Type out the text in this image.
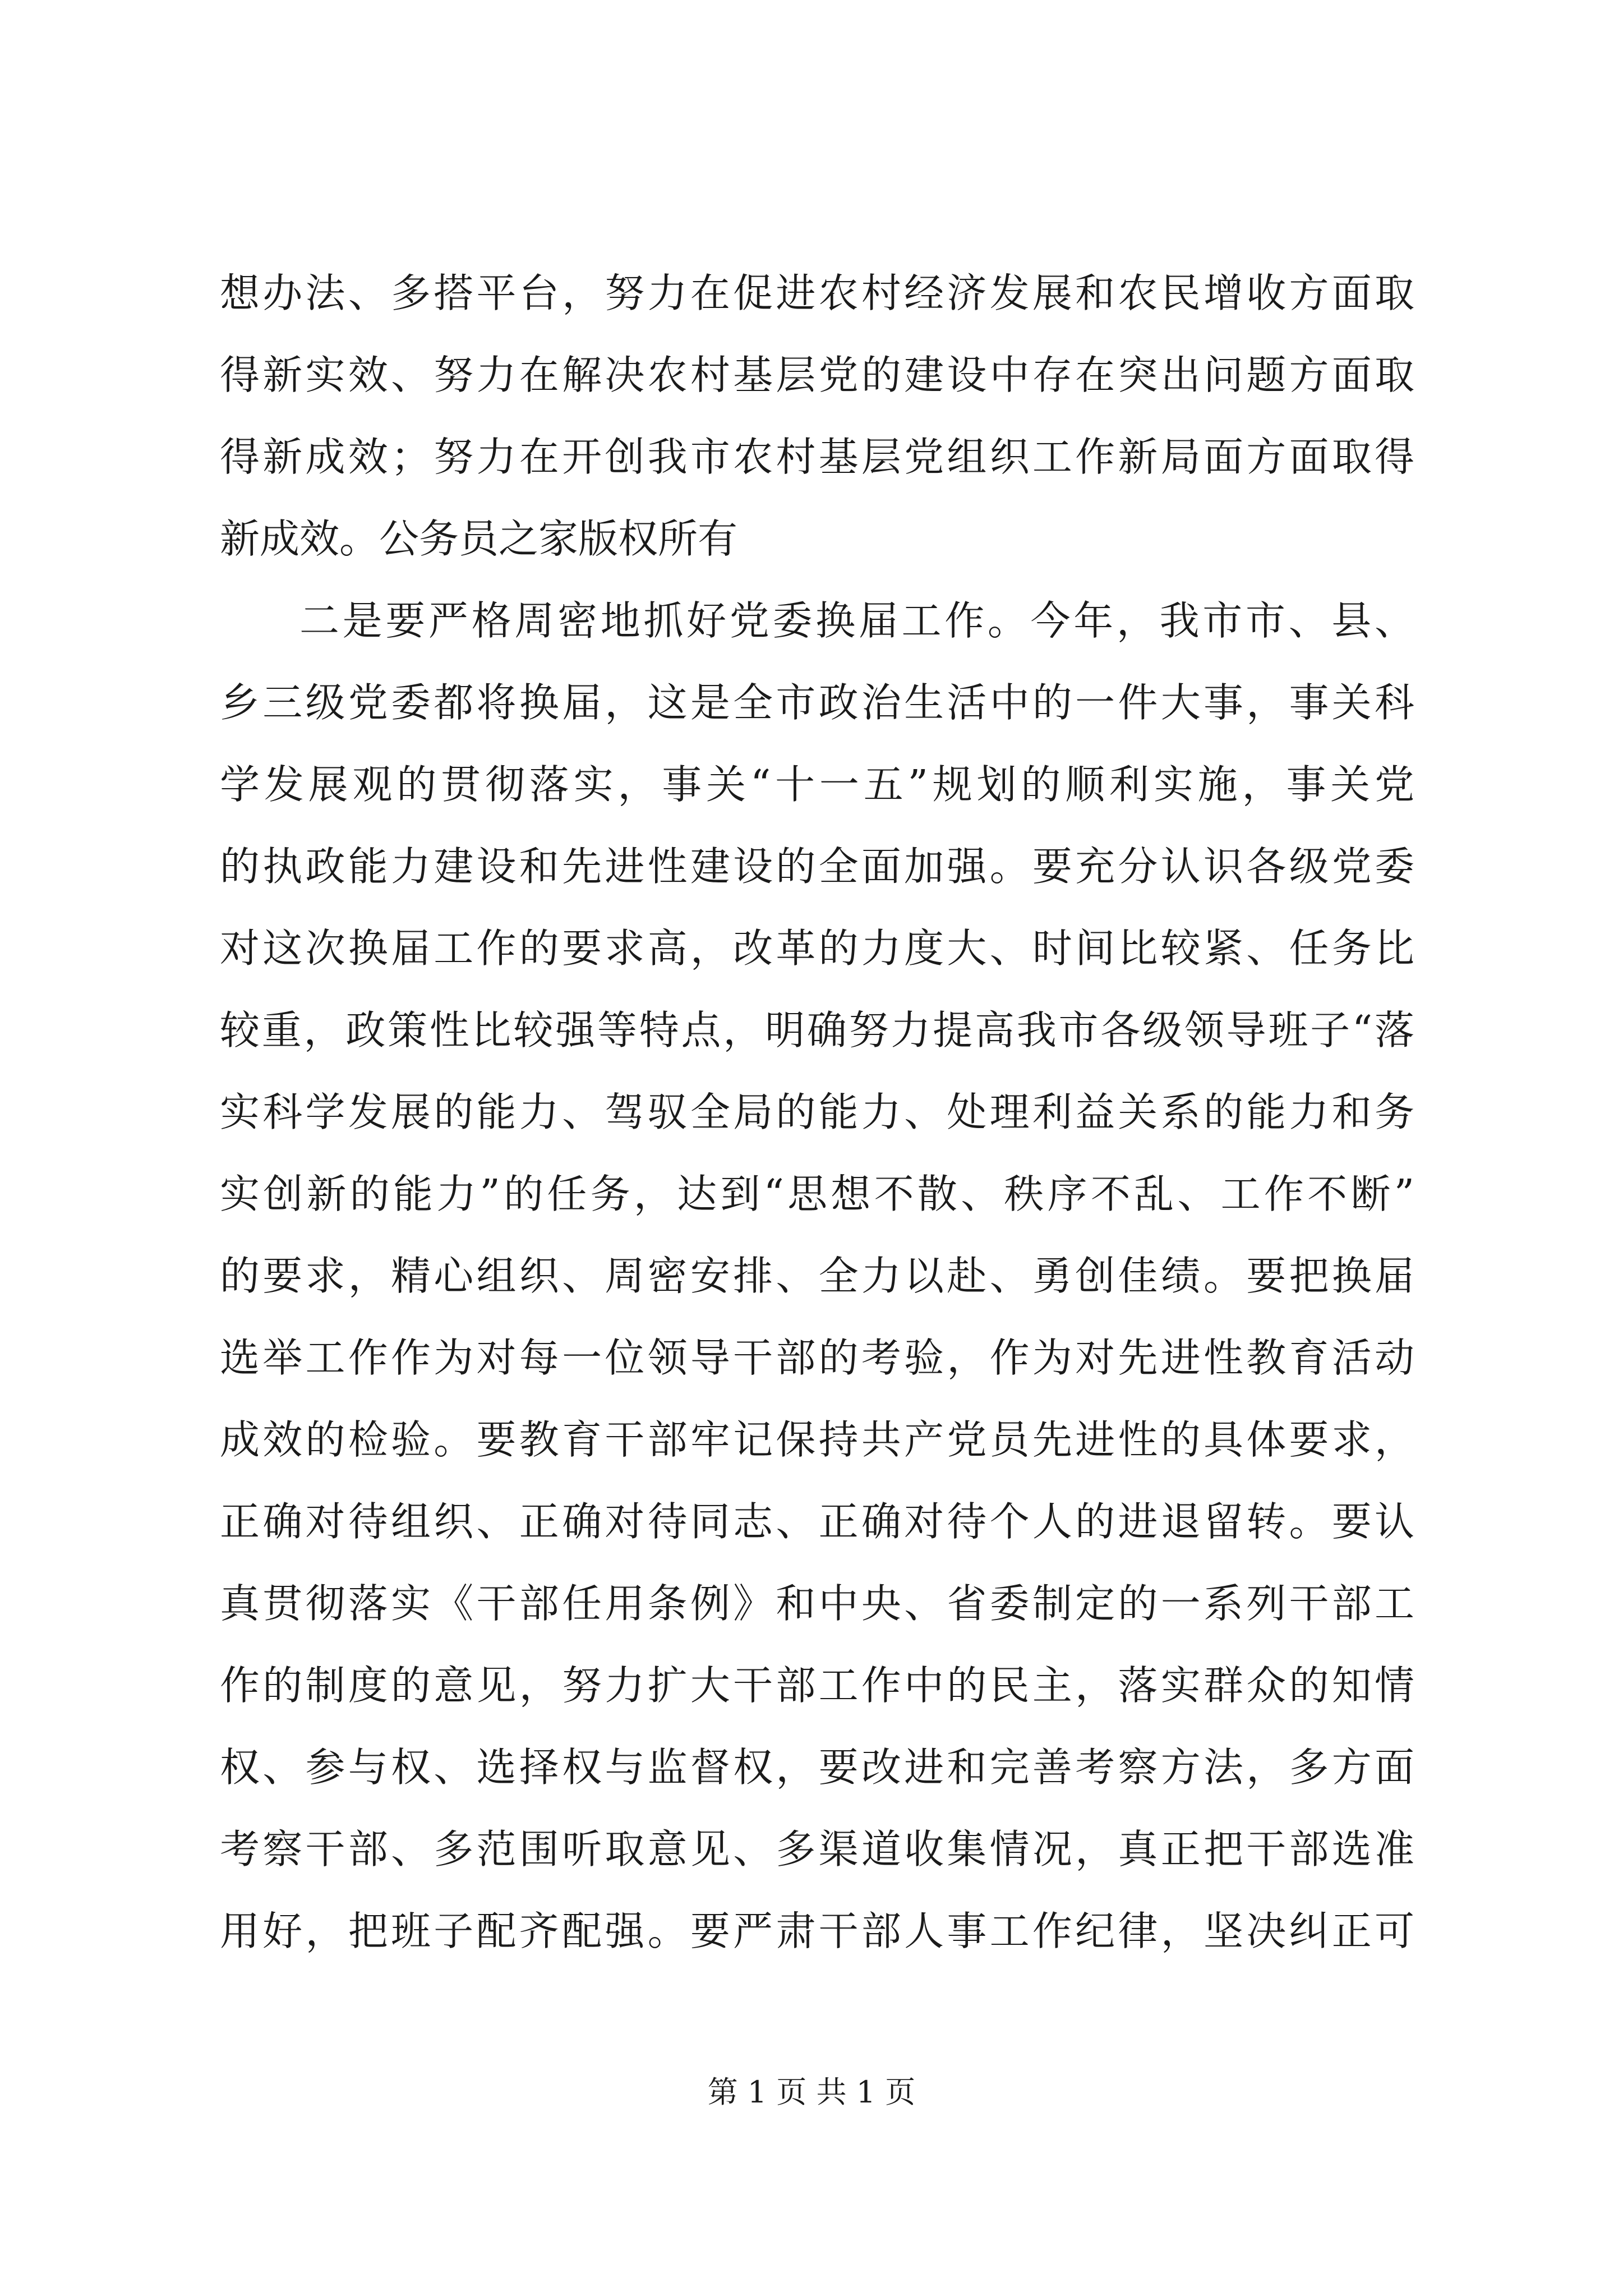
想办法、多搭平台，努力在促进农村经济发展和农民增收方面取
得新实效、努力在解决农村基层党的建设中存在突出问题方面取
得新成效；努力在开创我市农村基层党组织工作新局面方面取得
新成效。公务员之家版权所有
二是要严格周密地抓好党委换届工作。今年，我市市、县、
乡三级党委都将换届，这是全市政治生活中的一件大事，事关科
学发展观的贯彻落实，事关“十一五”规划的顺利实施，事关党
的执政能力建设和先进性建设的全面加强。要充分认识各级党委
对这次换届工作的要求高，改革的力度大、时间比较紧、任务比
较重，政策性比较强等特点，明确努力提高我市各级领导班子“落
实科学发展的能力、驾驭全局的能力、处理利益关系的能力和务
实创新的能力”的任务，达到“思想不散、秩序不乱、工作不断”
的要求，精心组织、周密安排、全力以赴、勇创佳绩。要把换届
选举工作作为对每一位领导干部的考验，作为对先进性教育活动
成效的检验。要教育干部牢记保持共产党员先进性的具体要求，
正确对待组织、正确对待同志、正确对待个人的进退留转。要认
真贯彻落实《干部任用条例》和中央、省委制定的一系列干部工
作的制度的意见，努力扩大干部工作中的民主，落实群众的知情
权、参与权、选择权与监督权，要改进和完善考察方法，多方面
考察干部、多范围听取意见、多渠道收集情况，真正把干部选准
用好，把班子配齐配强。要严肃干部人事工作纪律，坚决纠正可
第 1 页 共 1 页
